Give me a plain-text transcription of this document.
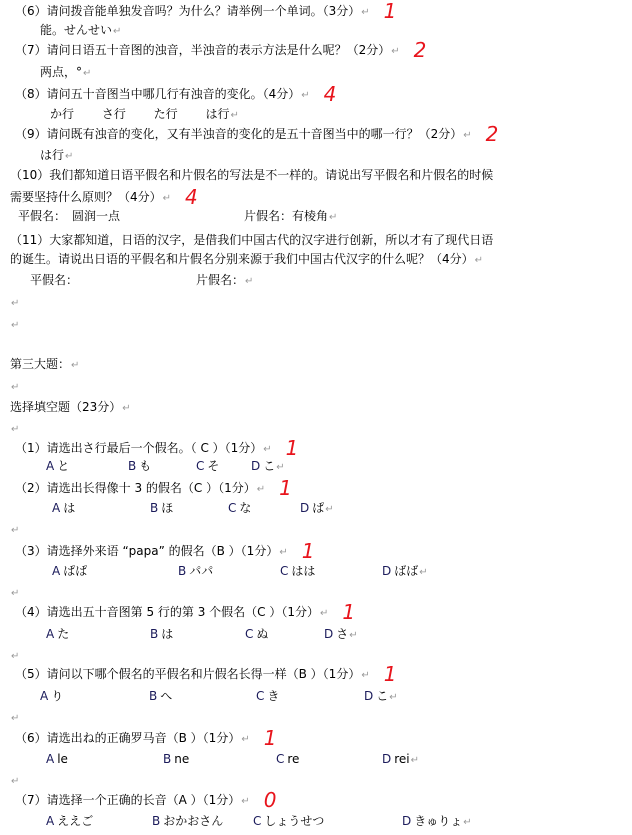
（6）请问拨音能单独发音吗？为什么？请举例一个单词。（3分）↵ 1
能。せんせい↵
（7）请问日语五十音图的浊音，半浊音的表示方法是什么呢？（2分）↵ 2
两点，°↵
（8）请问五十音图当中哪几行有浊音的变化。（4分）↵ 4
か行　　 さ行　　 た行　　 は行↵
（9）请问既有浊音的变化，又有半浊音的变化的是五十音图当中的哪一行？（2分）↵ 2
は行↵
（10）我们都知道日语平假名和片假名的写法是不一样的。请说出写平假名和片假名的时候
需要坚持什么原则？（4分）↵ 4
平假名：　圆润一点	片假名：有棱角↵
（11）大家都知道，日语的汉字，是借我们中国古代的汉字进行创新，所以才有了现代日语
的诞生。请说出日语的平假名和片假名分别来源于我们中国古代汉字的什么呢？（4分）↵
平假名：	片假名：↵
↵
↵
第三大题：↵
↵
选择填空题（23分）↵
↵
（1）请选出さ行最后一个假名。（ C ）（1分）↵ 1
A と	B も	C そ	D こ↵
（2）请选出长得像十 3 的假名（C ）（1分）↵ 1
A は	B ほ	C な	D ぱ↵
↵
（3）请选择外来语 “papa” 的假名（B ）（1分）↵ 1
A ぱぱ	B パパ	C はは	D ばば↵
↵
（4）请选出五十音图第 5 行的第 3 个假名（C ）（1分）↵ 1
A た	B は	C ぬ	D さ↵
↵
（5）请问以下哪个假名的平假名和片假名长得一样（B ）（1分）↵ 1
A り	B へ	C き	D こ↵
↵
（6）请选出ね的正确罗马音（B ）（1分）↵ 1
A le	B ne	C re	D rei↵
↵
（7）请选择一个正确的长音（A ）（1分）↵ 0
A ええご	B おかおさん C しょうせつ	D きゅりょ↵
